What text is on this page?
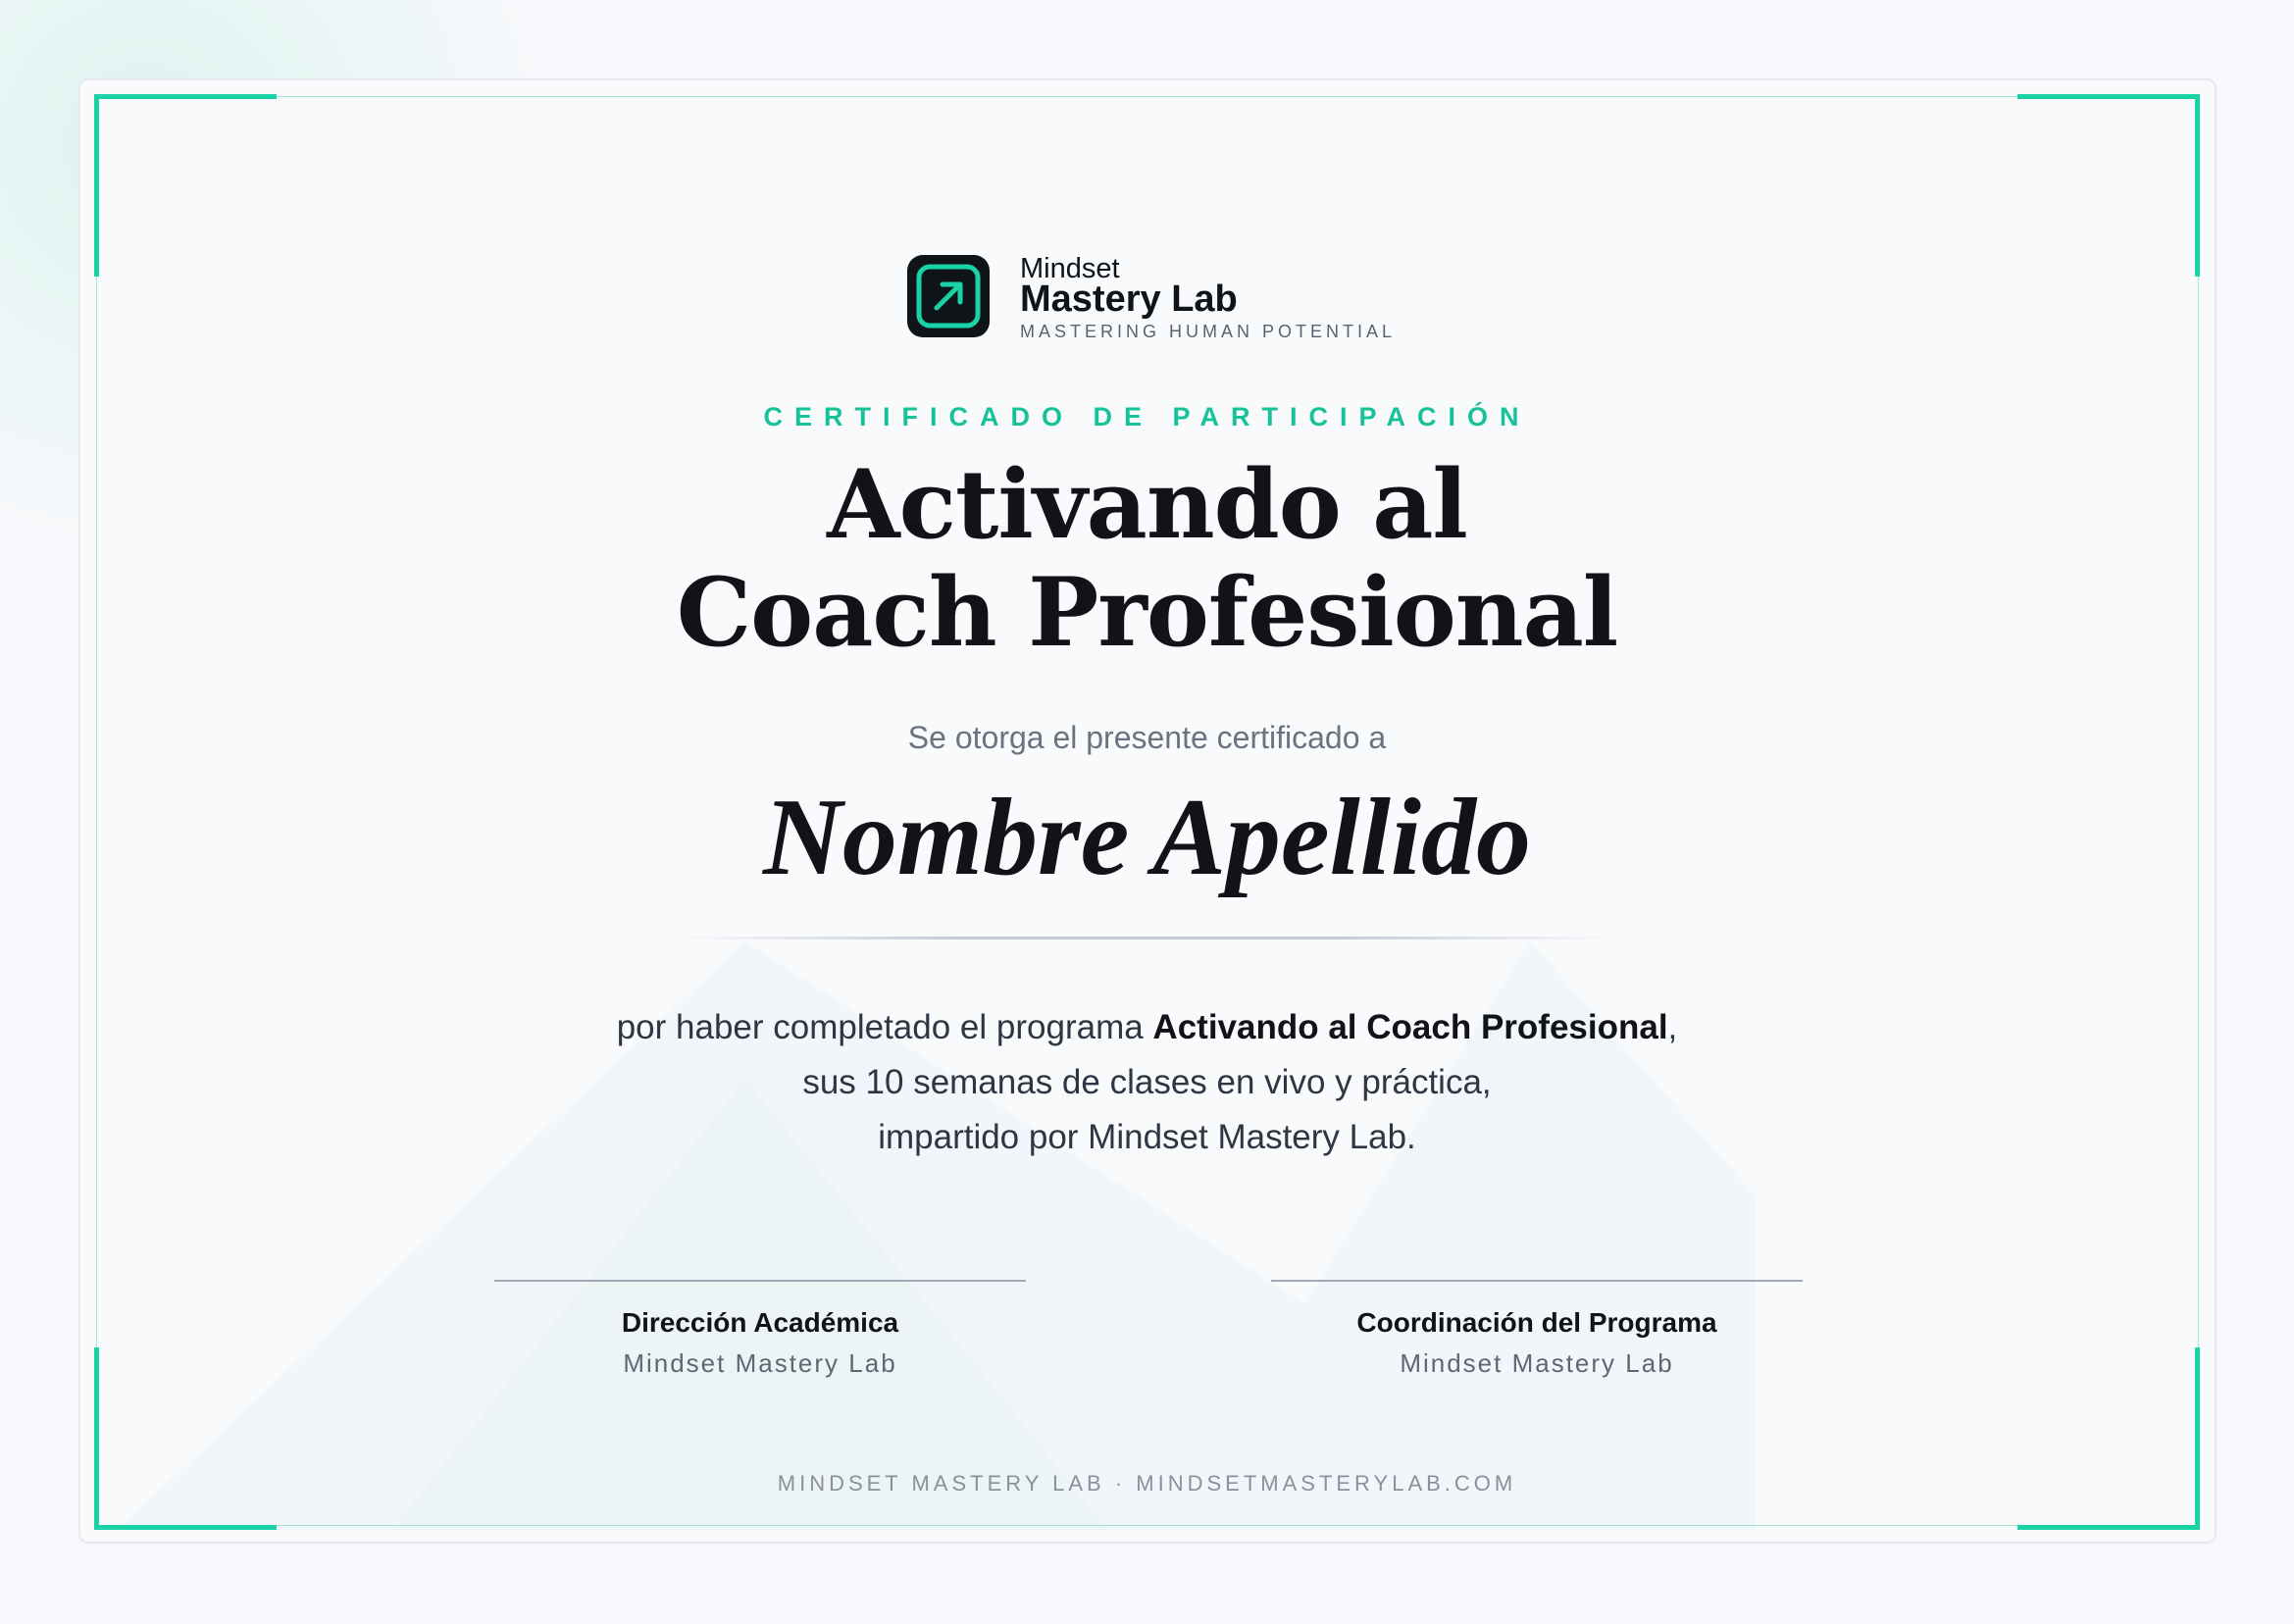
Mindset
Mastery Lab
MASTERING HUMAN POTENTIAL
CERTIFICADO DE PARTICIPACIÓN
Activando al
Coach Profesional
Se otorga el presente certificado a
Nombre Apellido
por haber completado el programa Activando al Coach Profesional,
sus 10 semanas de clases en vivo y práctica,
impartido por Mindset Mastery Lab.
Dirección Académica
Mindset Mastery Lab
Coordinación del Programa
Mindset Mastery Lab
MINDSET MASTERY LAB · MINDSETMASTERYLAB.COM
